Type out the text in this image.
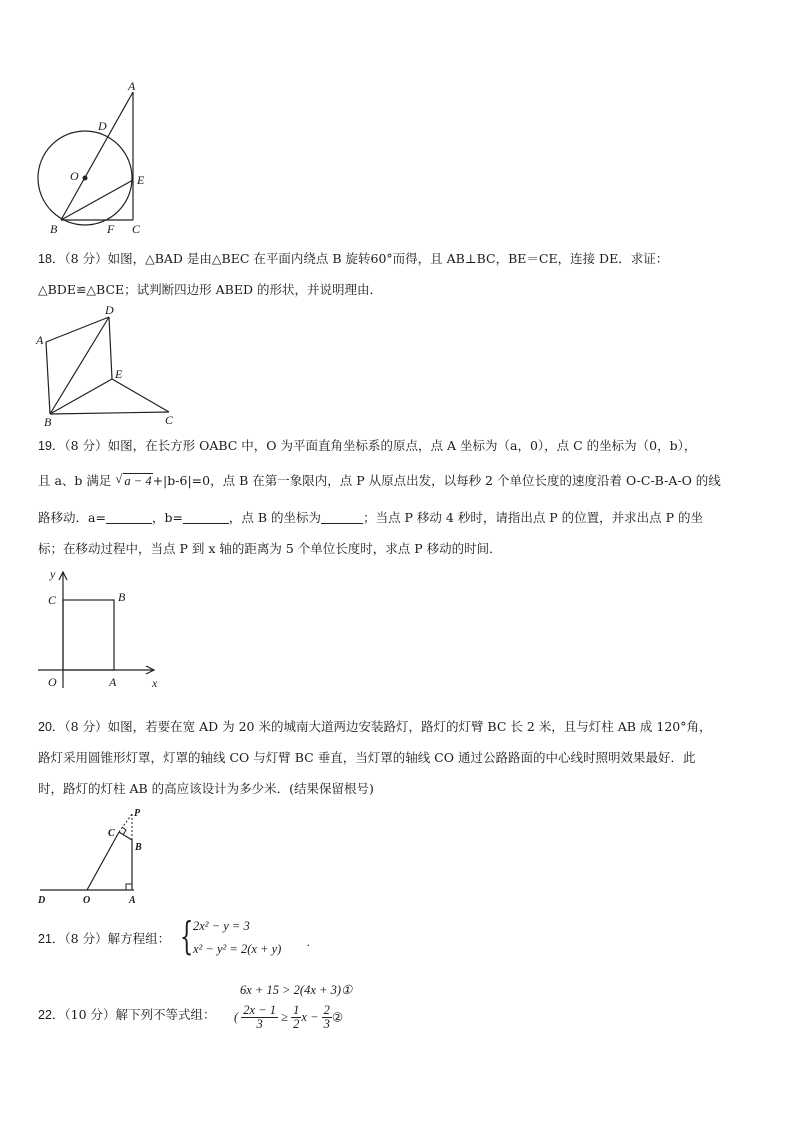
A
D
O	E
B	F C
18．（8 分）如图，△BAD 是由△BEC 在平面内绕点 B 旋转60°而得，且 AB⊥BC，BE＝CE，连接 DE．求证：
△BDE≌△BCE；试判断四边形 ABED 的形状，并说明理由．
A
D
E
B	C
19．（8 分）如图，在长方形 OABC 中，O 为平面直角坐标系的原点，点 A 坐标为（a，0），点 C 的坐标为（0，b），
且 a、b 满足 √ a − 4+|b-6|=0，点 B 在第一象限内，点 P 从原点出发，以每秒 2 个单位长度的速度沿着 O-C-B-A-O 的线
路移动．a=	，b=	，点 B 的坐标为	；当点 P 移动 4 秒时，请指出点 P 的位置，并求出点 P 的坐
标；在移动过程中，当点 P 到 x 轴的距离为 5 个单位长度时，求点 P 移动的时间．
y
x
C	B
O	A
20．（8 分）如图，若要在宽 AD 为 20 米的城南大道两边安装路灯，路灯的灯臂 BC 长 2 米，且与灯柱 AB 成 120°角，
路灯采用圆锥形灯罩，灯罩的轴线 CO 与灯臂 BC 垂直，当灯罩的轴线 CO 通过公路路面的中心线时照明效果最好．此
时，路灯的灯柱 AB 的高应该设计为多少米．(结果保留根号)
P
C
B
D	O	A
21．（8 分）解方程组： { 2x² − y = 3
x² − y² = 2(x + y) .
6x + 15 > 2(4x + 3)①
22．（10 分）解下列不等式组： ( $\frac{2x - 1}{3} \ge \frac{1}{2}$ $x - \frac{2}{3}$ ②
